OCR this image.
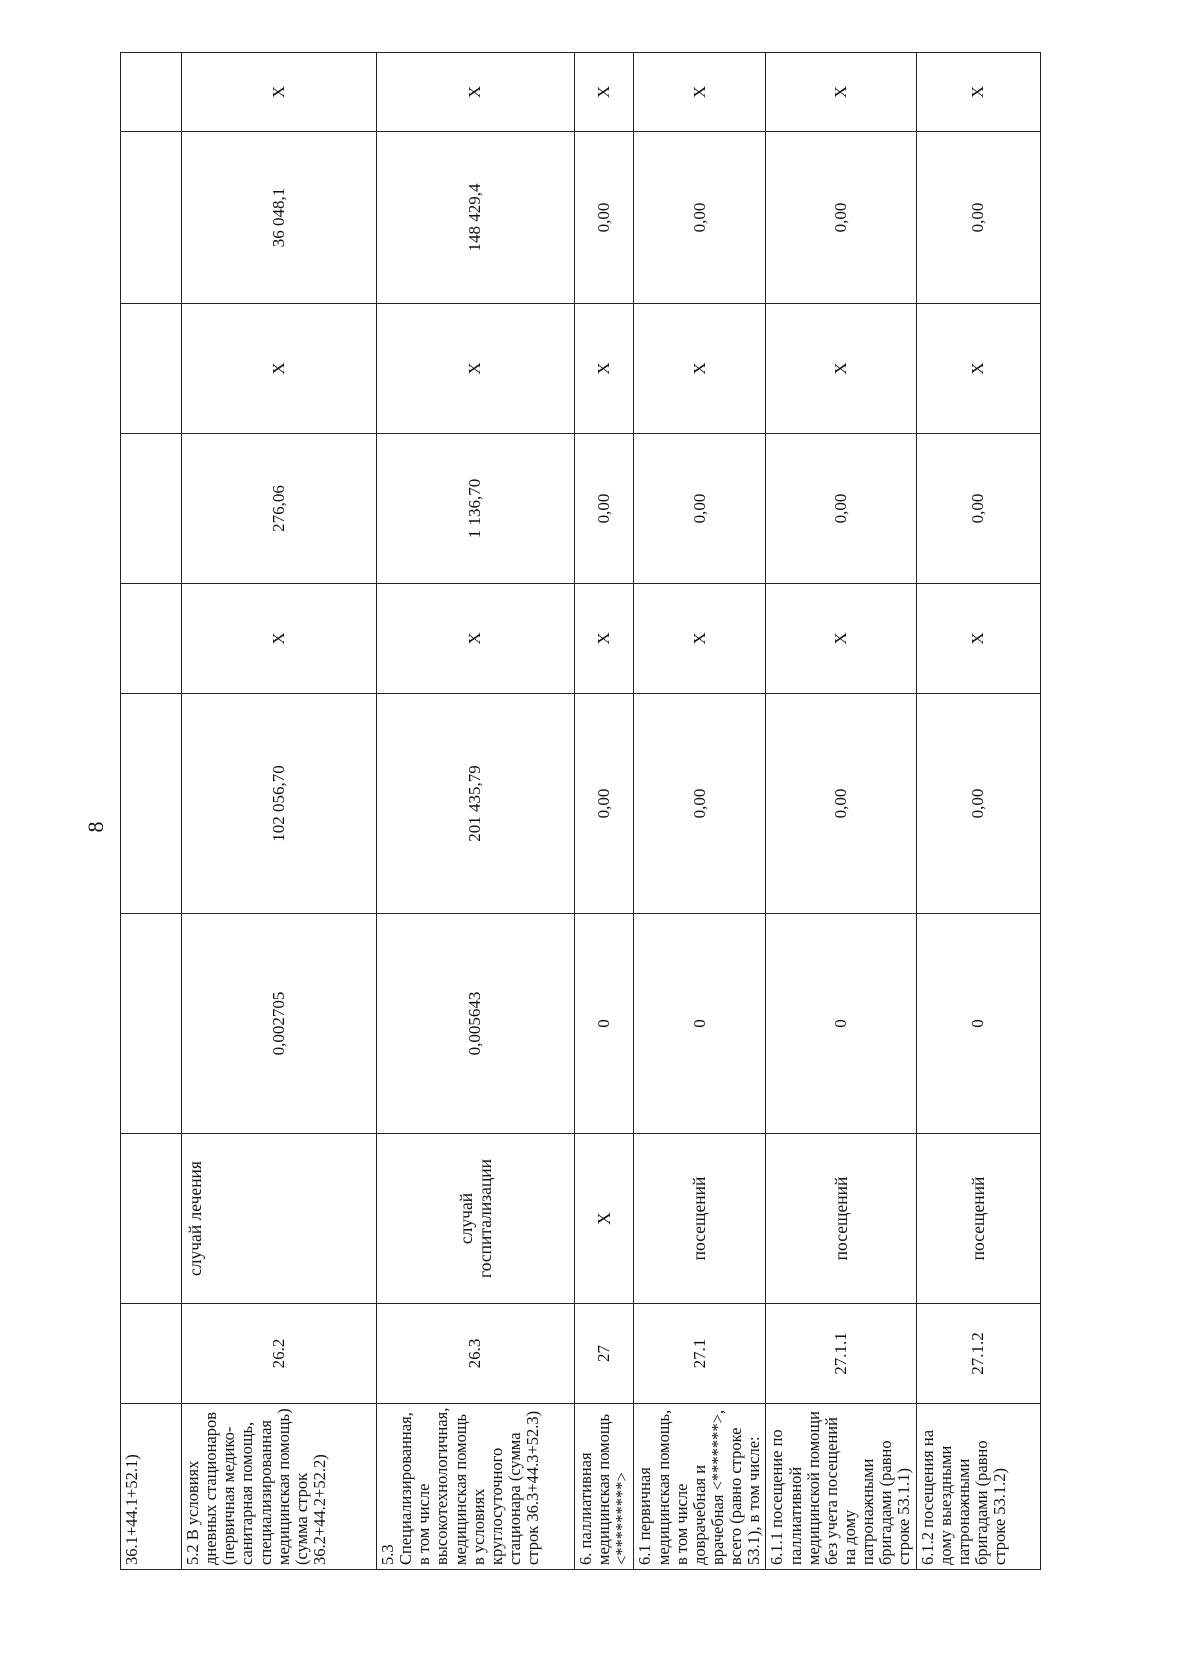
8
36.1+44.1+52.1)									
5.2 В условиях дневных стационаров (первичная медико-санитарная помощь, специализированная медицинская помощь) (сумма строк 36.2+44.2+52.2)	26.2	случай лечения	0,002705	102 056,70	X	276,06	X	36 048,1	X
5.3 Специализированная, в том числе высокотехнологичная, медицинская помощь в условиях круглосуточного стационара (сумма строк 36.3+44.3+52.3)	26.3	случай госпитализации	0,005643	201 435,79	X	1 136,70	X	148 429,4	X
6. паллиативная медицинская помощь <*********>	27	X	0	0,00	X	0,00	X	0,00	X
6.1 первичная медицинская помощь, в том числе доврачебная и врачебная <*******>, всего (равно строке 53.1), в том числе:	27.1	посещений	0	0,00	X	0,00	X	0,00	X
6.1.1 посещение по паллиативной медицинской помощи без учета посещений на дому патронажными бригадами (равно строке 53.1.1)	27.1.1	посещений	0	0,00	X	0,00	X	0,00	X
6.1.2 посещения на дому выездными патронажными бригадами (равно строке 53.1.2)	27.1.2	посещений	0	0,00	X	0,00	X	0,00	X
